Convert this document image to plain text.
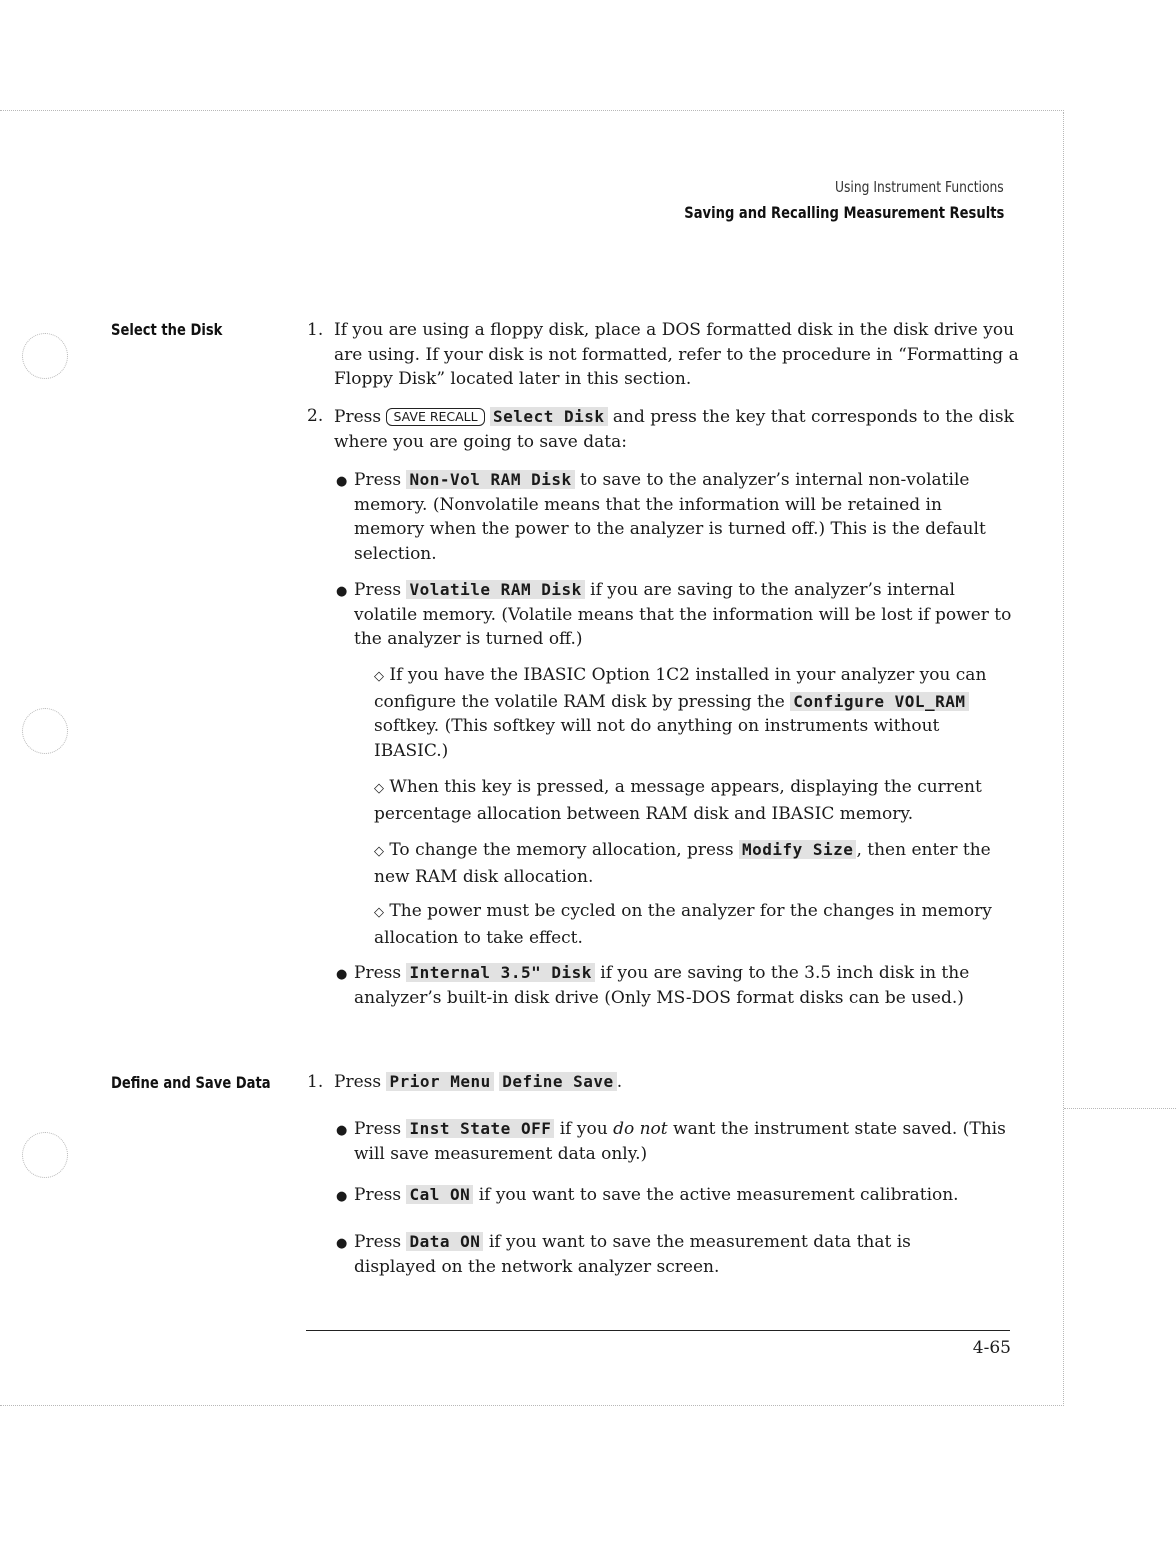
Using Instrument Functions
Saving and Recalling Measurement Results
Select the Disk
Define and Save Data
1. If you are using a floppy disk, place a DOS formatted disk in the disk drive you are using. If your disk is not formatted, refer to the procedure in “Formatting a Floppy Disk” located later in this section.
2. Press SAVE RECALL Select Disk and press the key that corresponds to the disk where you are going to save data:
● Press Non-Vol RAM Disk to save to the analyzer’s internal non-volatile memory. (Nonvolatile means that the information will be retained in memory when the power to the analyzer is turned off.) This is the default selection.
● Press Volatile RAM Disk if you are saving to the analyzer’s internal volatile memory. (Volatile means that the information will be lost if power to the analyzer is turned off.)
◇ If you have the IBASIC Option 1C2 installed in your analyzer you can configure the volatile RAM disk by pressing the Configure VOL_RAM softkey. (This softkey will not do anything on instruments without IBASIC.)
◇ When this key is pressed, a message appears, displaying the current percentage allocation between RAM disk and IBASIC memory.
◇ To change the memory allocation, press Modify Size , then enter the new RAM disk allocation.
◇ The power must be cycled on the analyzer for the changes in memory allocation to take effect.
● Press Internal 3.5" Disk if you are saving to the 3.5 inch disk in the analyzer’s built-in disk drive (Only MS-DOS format disks can be used.)
1. Press Prior Menu Define Save .
● Press Inst State OFF if you do not want the instrument state saved. (This will save measurement data only.)
● Press Cal ON if you want to save the active measurement calibration.
● Press Data ON if you want to save the measurement data that is displayed on the network analyzer screen.
4-65
